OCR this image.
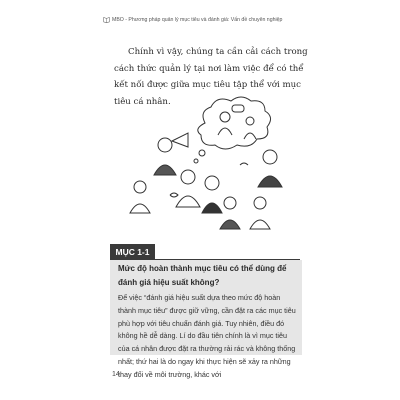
MBO - Phương pháp quản lý mục tiêu và đánh giá: Vấn đề chuyên nghiệp
Chính vì vậy, chúng ta cần cải cách trong cách thức quản lý tại nơi làm việc để có thể kết nối được giữa mục tiêu tập thể với mục tiêu cá nhân.
MỤC 1-1
Mức độ hoàn thành mục tiêu có thể dùng để đánh giá hiệu suất không?
Để việc “đánh giá hiệu suất dựa theo mức độ hoàn thành mục tiêu” được giữ vững, cần đặt ra các mục tiêu phù hợp với tiêu chuẩn đánh giá. Tuy nhiên, điều đó không hề dễ dàng. Lí do đầu tiên chính là vì mục tiêu của cá nhân được đặt ra thường rải rác và không thống nhất; thứ hai là do ngay khi thực hiện sẽ xảy ra những thay đổi về môi trường, khác với
14
